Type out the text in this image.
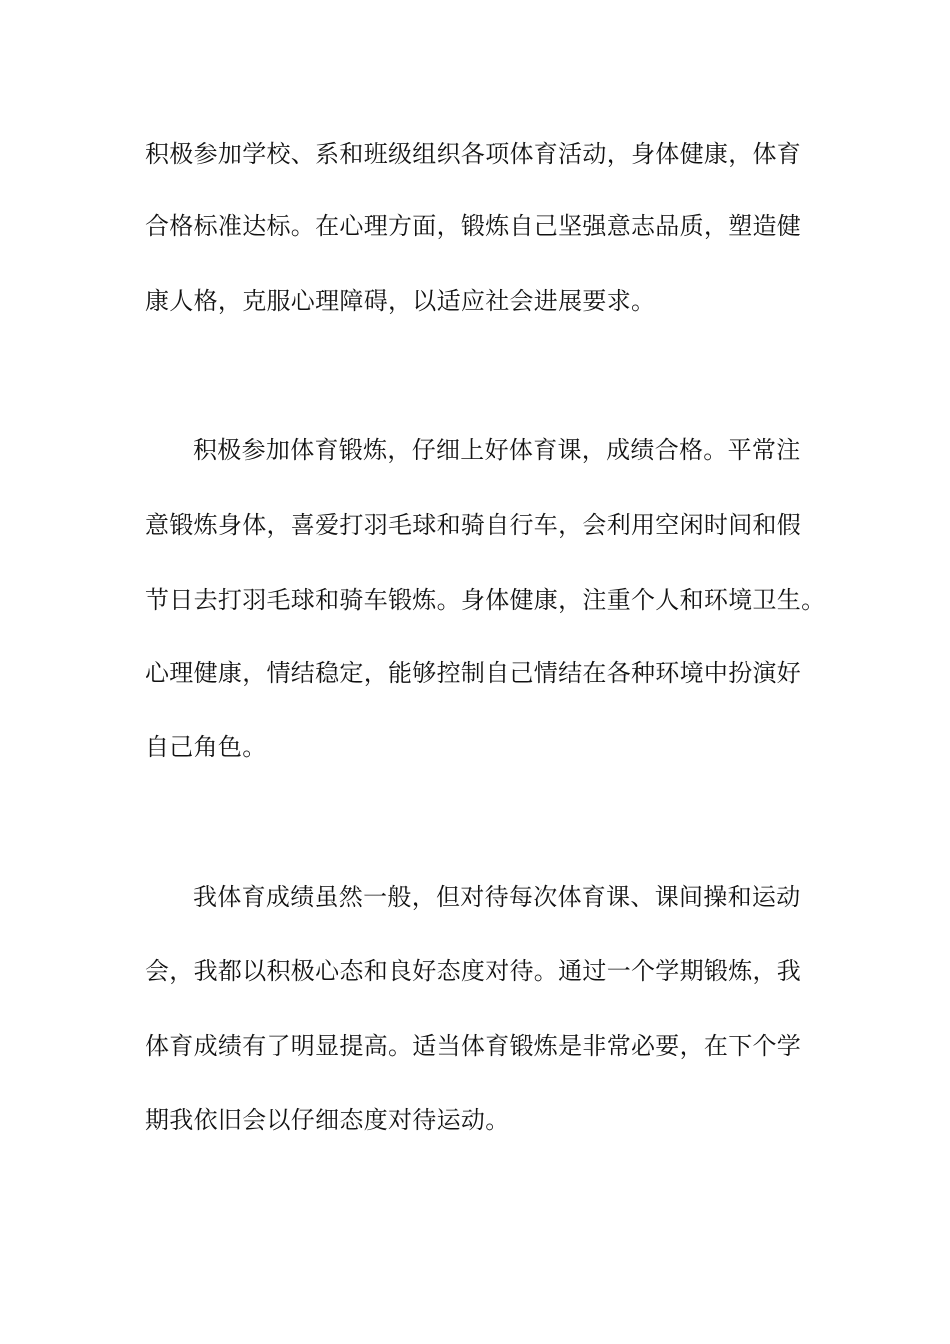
积极参加学校、系和班级组织各项体育活动，身体健康，体育
合格标准达标。在心理方面，锻炼自己坚强意志品质，塑造健
康人格，克服心理障碍，以适应社会进展要求。
积极参加体育锻炼，仔细上好体育课，成绩合格。平常注
意锻炼身体，喜爱打羽毛球和骑自行车，会利用空闲时间和假
节日去打羽毛球和骑车锻炼。身体健康，注重个人和环境卫生。
心理健康，情结稳定，能够控制自己情结在各种环境中扮演好
自己角色。
我体育成绩虽然一般，但对待每次体育课、课间操和运动
会，我都以积极心态和良好态度对待。通过一个学期锻炼，我
体育成绩有了明显提高。适当体育锻炼是非常必要，在下个学
期我依旧会以仔细态度对待运动。
